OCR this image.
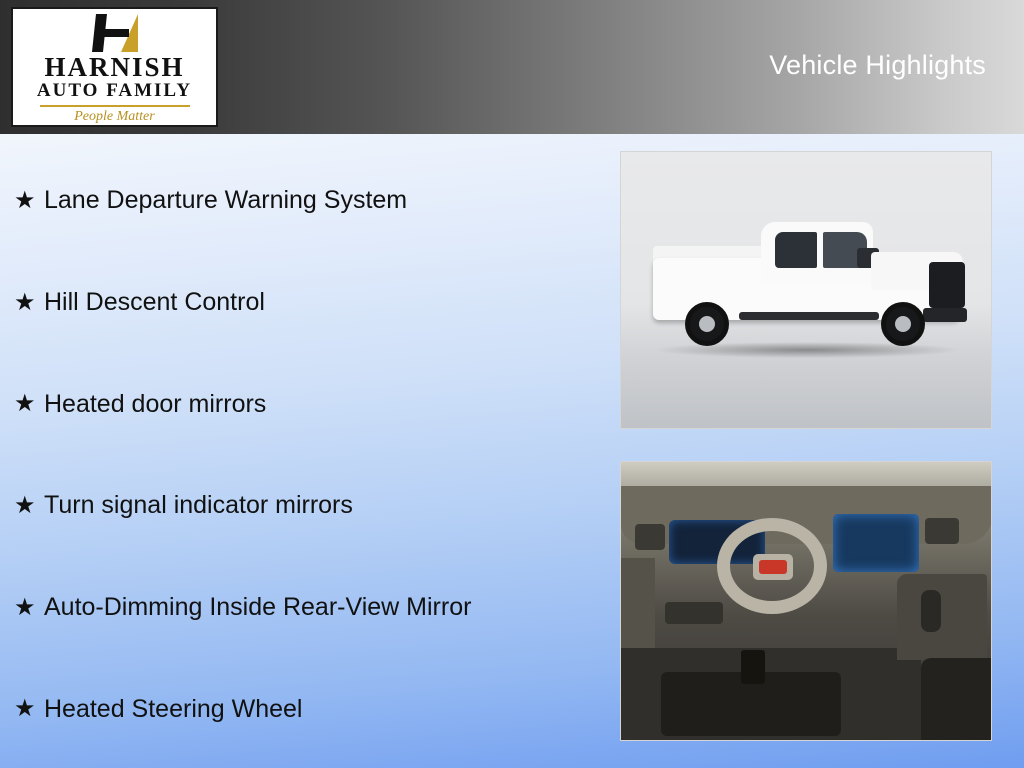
Vehicle Highlights
HARNISH
AUTO FAMILY
People Matter
★ Lane Departure Warning System
★ Hill Descent Control
★ Heated door mirrors
★ Turn signal indicator mirrors
★ Auto-Dimming Inside Rear-View Mirror
★ Heated Steering Wheel
